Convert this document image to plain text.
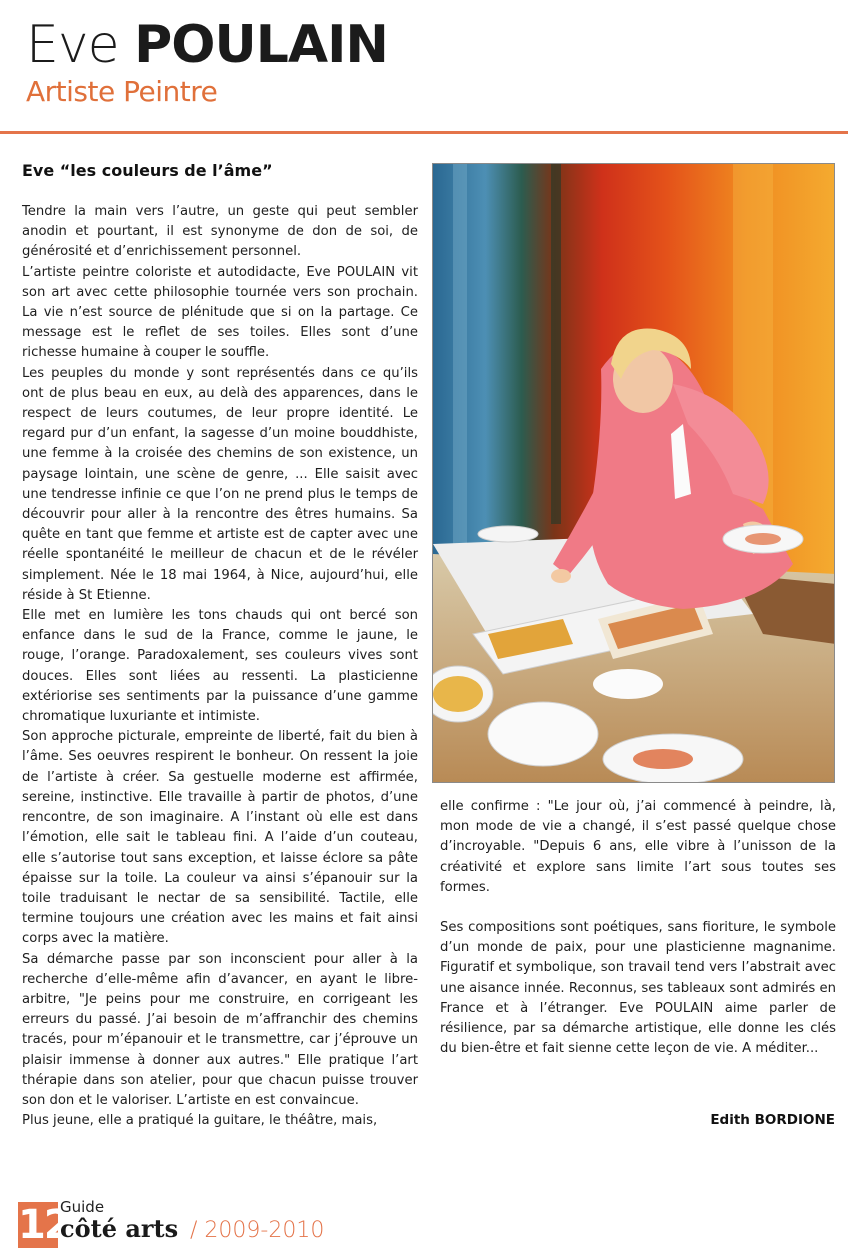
Eve POULAIN
Artiste Peintre
Eve “les couleurs de l’âme”

Tendre la main vers l’autre, un geste qui peut sembler anodin et pourtant, il est synonyme de don de soi, de générosité et d’enrichissement personnel.

L’artiste peintre coloriste et autodidacte, Eve POULAIN vit son art avec cette philosophie tournée vers son prochain. La vie n’est source de plénitude que si on la partage. Ce message est le reflet de ses toiles. Elles sont d’une richesse humaine à couper le souffle.

Les peuples du monde y sont représentés dans ce qu’ils ont de plus beau en eux, au delà des apparences, dans le respect de leurs coutumes, de leur propre identité. Le regard pur d’un enfant, la sagesse d’un moine bouddhiste, une femme à la croisée des chemins de son existence, un paysage lointain, une scène de genre, ... Elle saisit avec une tendresse infinie ce que l’on ne prend plus le temps de découvrir pour aller à la rencontre des êtres humains. Sa quête en tant que femme et artiste est de capter avec une réelle spontanéité le meilleur de chacun et de le révéler simplement. Née le 18 mai 1964, à Nice, aujourd’hui, elle réside à St Etienne.

Elle met en lumière les tons chauds qui ont bercé son enfance dans le sud de la France, comme le jaune, le rouge, l’orange. Paradoxalement, ses couleurs vives sont douces. Elles sont liées au ressenti. La plasticienne extériorise ses sentiments par la puissance d’une gamme chromatique luxuriante et intimiste.

Son approche picturale, empreinte de liberté, fait du bien à l’âme. Ses oeuvres respirent le bonheur. On ressent la joie de l’artiste à créer. Sa gestuelle moderne est affirmée, sereine, instinctive. Elle travaille à partir de photos, d’une rencontre, de son imaginaire. A l’instant où elle est dans l’émotion, elle sait le tableau fini. A l’aide d’un couteau, elle s’autorise tout sans exception, et laisse éclore sa pâte épaisse sur la toile. La couleur va ainsi s’épanouir sur la toile traduisant le nectar de sa sensibilité. Tactile, elle termine toujours une création avec les mains et fait ainsi corps avec la matière.

Sa démarche passe par son inconscient pour aller à la recherche d’elle-même afin d’avancer, en ayant le libre-arbitre, "Je peins pour me construire, en corrigeant les erreurs du passé. J’ai besoin de m’affranchir des chemins tracés, pour m’épanouir et le transmettre, car j’éprouve un plaisir immense à donner aux autres." Elle pratique l’art thérapie dans son atelier, pour que chacun puisse trouver son don et le valoriser. L’artiste en est convaincue.

Plus jeune, elle a pratiqué la guitare, le théâtre, mais,

elle confirme : "Le jour où, j’ai commencé à peindre, là, mon mode de vie a changé, il s’est passé quelque chose d’incroyable. "Depuis 6 ans, elle vibre à l’unisson de la créativité et explore sans limite l’art sous toutes ses formes.

Ses compositions sont poétiques, sans fioriture, le symbole d’un monde de paix, pour une plasticienne magnanime. Figuratif et symbolique, son travail tend vers l’abstrait avec une aisance innée. Reconnus, ses tableaux sont admirés en France et à l’étranger. Eve POULAIN aime parler de résilience, par sa démarche artistique, elle donne les clés du bien-être et fait sienne cette leçon de vie. A méditer...

Edith BORDIONE
12
Guide
côté arts / 2009-2010
